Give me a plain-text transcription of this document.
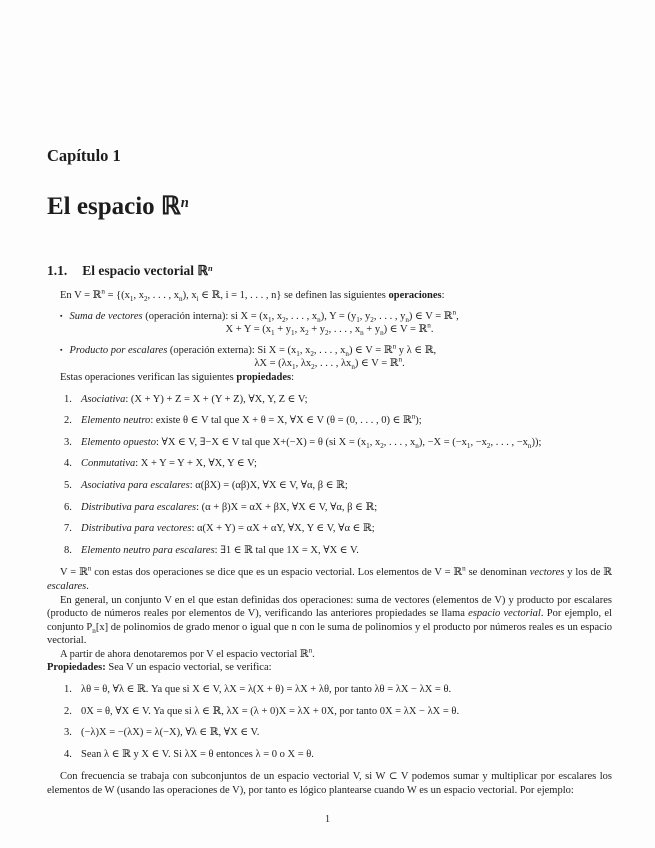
Capítulo 1
El espacio ℝ$^n$
1.1. El espacio vectorial ℝ$^n$

En V = ℝ$^n$ = {($x_1$, $x_2$, . . . , $x_n$), $x_i$ ∈ ℝ, i = 1, . . . , n} se definen las siguientes operaciones:

▪ Suma de vectores (operación interna): si $X = (x_1$, $x_2$, . . . , $x_n$), $Y = (y_1$, $y_2$, . . . , $y_n$) ∈ V = ℝ$^n$,

$X + Y = (x_1 + y_1$, $x_2 + y_2$, . . . , $x_n + y_n$) ∈ V = ℝ$^n$.

▪ Producto por escalares (operación externa): Si $X = (x_1$, $x_2$, . . . , $x_n$) ∈ V = ℝ$^n$ y λ ∈ ℝ,

$\lambda X = (\lambda x_1$, $\lambda x_2$, . . . , $\lambda x_n$) ∈ V = ℝ$^n$.

Estas operaciones verifican las siguientes propiedades:

1. Asociativa: (X + Y) + Z = X + (Y + Z), ∀X, Y, Z ∈ V;
2. Elemento neutro: existe θ ∈ V tal que X + θ = X, ∀X ∈ V (θ = (0, . . . , 0) ∈ ℝ$^n$);
3. Elemento opuesto: ∀X ∈ V, ∃−X ∈ V tal que X+(−X) = θ (si $X = (x_1$, $x_2$, . . . , $x_n$), $-X = (-x_1$, $-x_2$, . . . , $-x_n$));
4. Conmutativa: X + Y = Y + X, ∀X, Y ∈ V;
5. Asociativa para escalares: α(βX) = (αβ)X, ∀X ∈ V, ∀α, β ∈ ℝ;
6. Distributiva para escalares: (α + β)X = αX + βX, ∀X ∈ V, ∀α, β ∈ ℝ;
7. Distributiva para vectores: α(X + Y) = αX + αY, ∀X, Y ∈ V, ∀α ∈ ℝ;
8. Elemento neutro para escalares: ∃1 ∈ ℝ tal que 1X = X, ∀X ∈ V.

V = ℝ$^n$ con estas dos operaciones se dice que es un espacio vectorial. Los elementos de V = ℝ$^n$ se denominan vectores y los de ℝ escalares.

En general, un conjunto V en el que estan definidas dos operaciones: suma de vectores (elementos de V) y producto por escalares (producto de números reales por elementos de V), verificando las anteriores propiedades se llama espacio vectorial. Por ejemplo, el conjunto $P_n[x]$ de polinomios de grado menor o igual que n con le suma de polinomios y el producto por números reales es un espacio vectorial.

A partir de ahora denotaremos por V el espacio vectorial ℝ$^n$.

Propiedades: Sea V un espacio vectorial, se verifica:

1. λθ = θ, ∀λ ∈ ℝ. Ya que si X ∈ V, λX = λ(X + θ) = λX + λθ, por tanto λθ = λX − λX = θ.
2. 0X = θ, ∀X ∈ V. Ya que si λ ∈ ℝ, λX = (λ + 0)X = λX + 0X, por tanto 0X = λX − λX = θ.
3. (−λ)X = −(λX) = λ(−X), ∀λ ∈ ℝ, ∀X ∈ V.
4. Sean λ ∈ ℝ y X ∈ V. Si λX = θ entonces λ = 0 o X = θ.

Con frecuencia se trabaja con subconjuntos de un espacio vectorial V, si W ⊂ V podemos sumar y multiplicar por escalares los elementos de W (usando las operaciones de V), por tanto es lógico plantearse cuando W es un espacio vectorial. Por ejemplo:

1
